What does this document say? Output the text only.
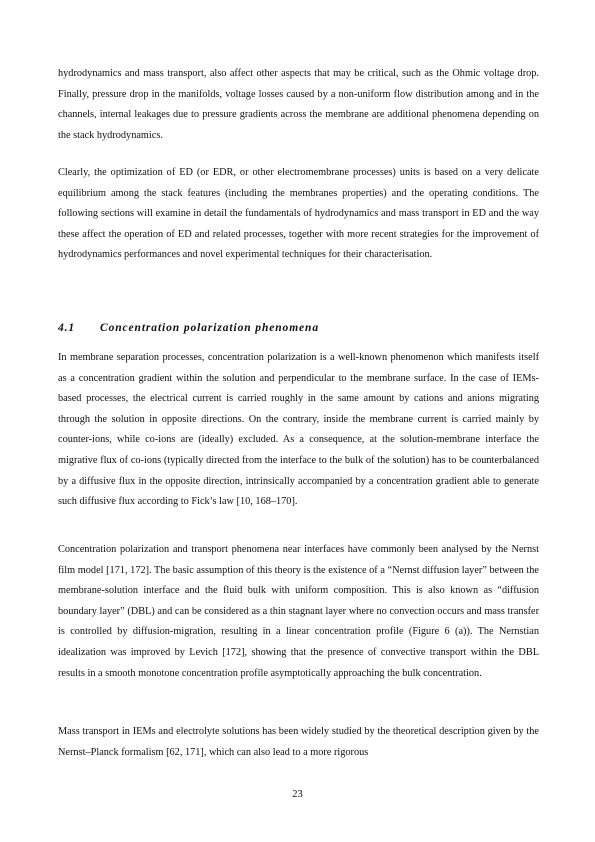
hydrodynamics and mass transport, also affect other aspects that may be critical, such as the Ohmic voltage drop. Finally, pressure drop in the manifolds, voltage losses caused by a non-uniform flow distribution among and in the channels, internal leakages due to pressure gradients across the membrane are additional phenomena depending on the stack hydrodynamics.

Clearly, the optimization of ED (or EDR, or other electromembrane processes) units is based on a very delicate equilibrium among the stack features (including the membranes properties) and the operating conditions. The following sections will examine in detail the fundamentals of hydrodynamics and mass transport in ED and the way these affect the operation of ED and related processes, together with more recent strategies for the improvement of hydrodynamics performances and novel experimental techniques for their characterisation.

4.1 Concentration polarization phenomena

In membrane separation processes, concentration polarization is a well-known phenomenon which manifests itself as a concentration gradient within the solution and perpendicular to the membrane surface. In the case of IEMs-based processes, the electrical current is carried roughly in the same amount by cations and anions migrating through the solution in opposite directions. On the contrary, inside the membrane current is carried mainly by counter-ions, while co-ions are (ideally) excluded. As a consequence, at the solution-membrane interface the migrative flux of co-ions (typically directed from the interface to the bulk of the solution) has to be counterbalanced by a diffusive flux in the opposite direction, intrinsically accompanied by a concentration gradient able to generate such diffusive flux according to Fick’s law [10, 168–170].

Concentration polarization and transport phenomena near interfaces have commonly been analysed by the Nernst film model [171, 172]. The basic assumption of this theory is the existence of a “Nernst diffusion layer” between the membrane-solution interface and the fluid bulk with uniform composition. This is also known as “diffusion boundary layer” (DBL) and can be considered as a thin stagnant layer where no convection occurs and mass transfer is controlled by diffusion-migration, resulting in a linear concentration profile (Figure 6 (a)). The Nernstian idealization was improved by Levich [172], showing that the presence of convective transport within the DBL results in a smooth monotone concentration profile asymptotically approaching the bulk concentration.

Mass transport in IEMs and electrolyte solutions has been widely studied by the theoretical description given by the Nernst–Planck formalism [62, 171], which can also lead to a more rigorous

23
